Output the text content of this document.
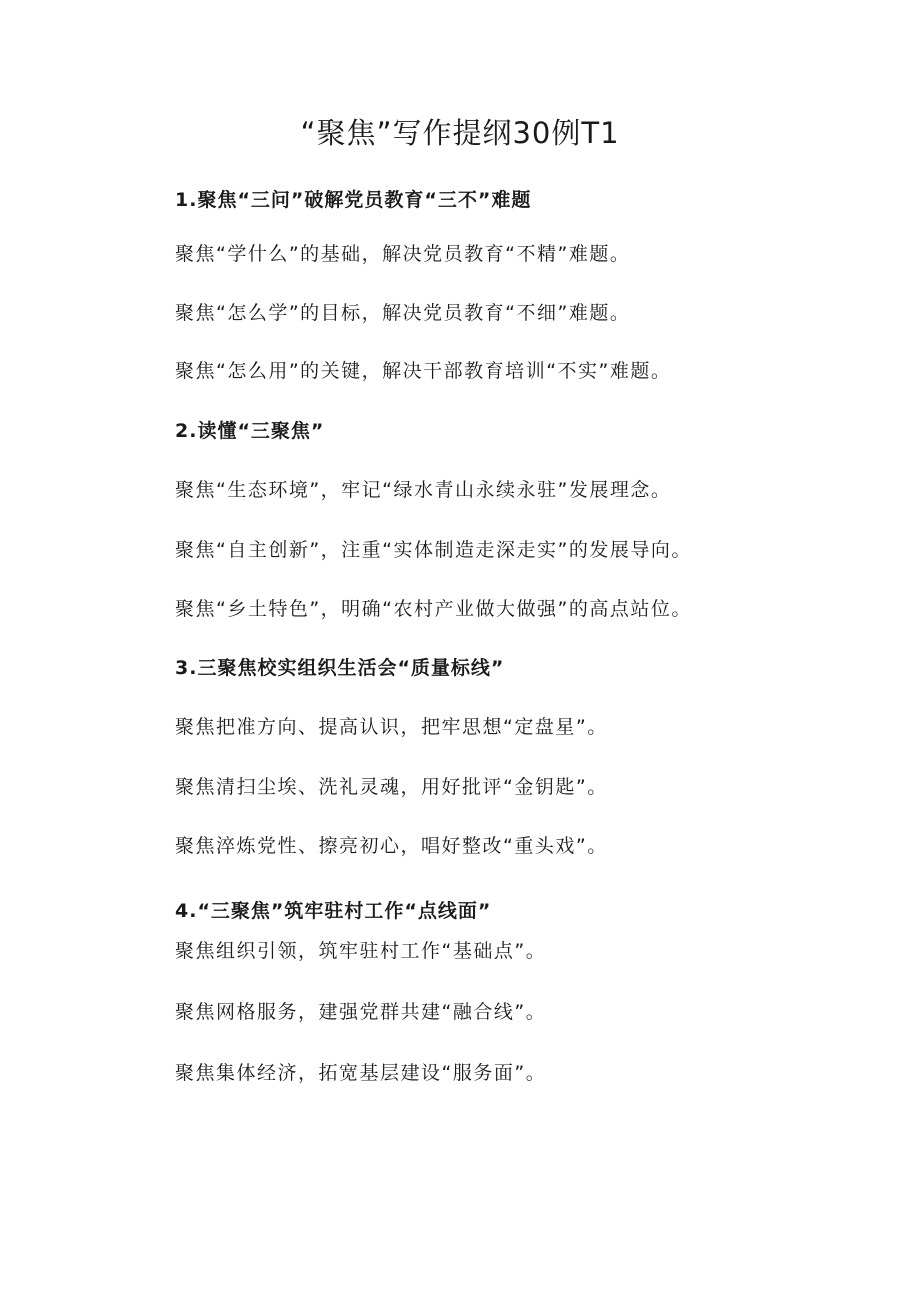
“聚焦”写作提纲30例T1

1.聚焦“三问”破解党员教育“三不”难题

聚焦“学什么”的基础，解决党员教育“不精”难题。

聚焦“怎么学”的目标，解决党员教育“不细”难题。

聚焦“怎么用”的关键，解决干部教育培训“不实”难题。

2.读懂“三聚焦”

聚焦“生态环境”，牢记“绿水青山永续永驻”发展理念。

聚焦“自主创新”，注重“实体制造走深走实”的发展导向。

聚焦“乡土特色”，明确“农村产业做大做强”的高点站位。

3.三聚焦校实组织生活会“质量标线”

聚焦把准方向、提高认识，把牢思想“定盘星”。

聚焦清扫尘埃、洗礼灵魂，用好批评“金钥匙”。

聚焦淬炼党性、擦亮初心，唱好整改“重头戏”。

4.“三聚焦”筑牢驻村工作“点线面”

聚焦组织引领，筑牢驻村工作“基础点”。

聚焦网格服务，建强党群共建“融合线”。

聚焦集体经济，拓宽基层建设“服务面”。
